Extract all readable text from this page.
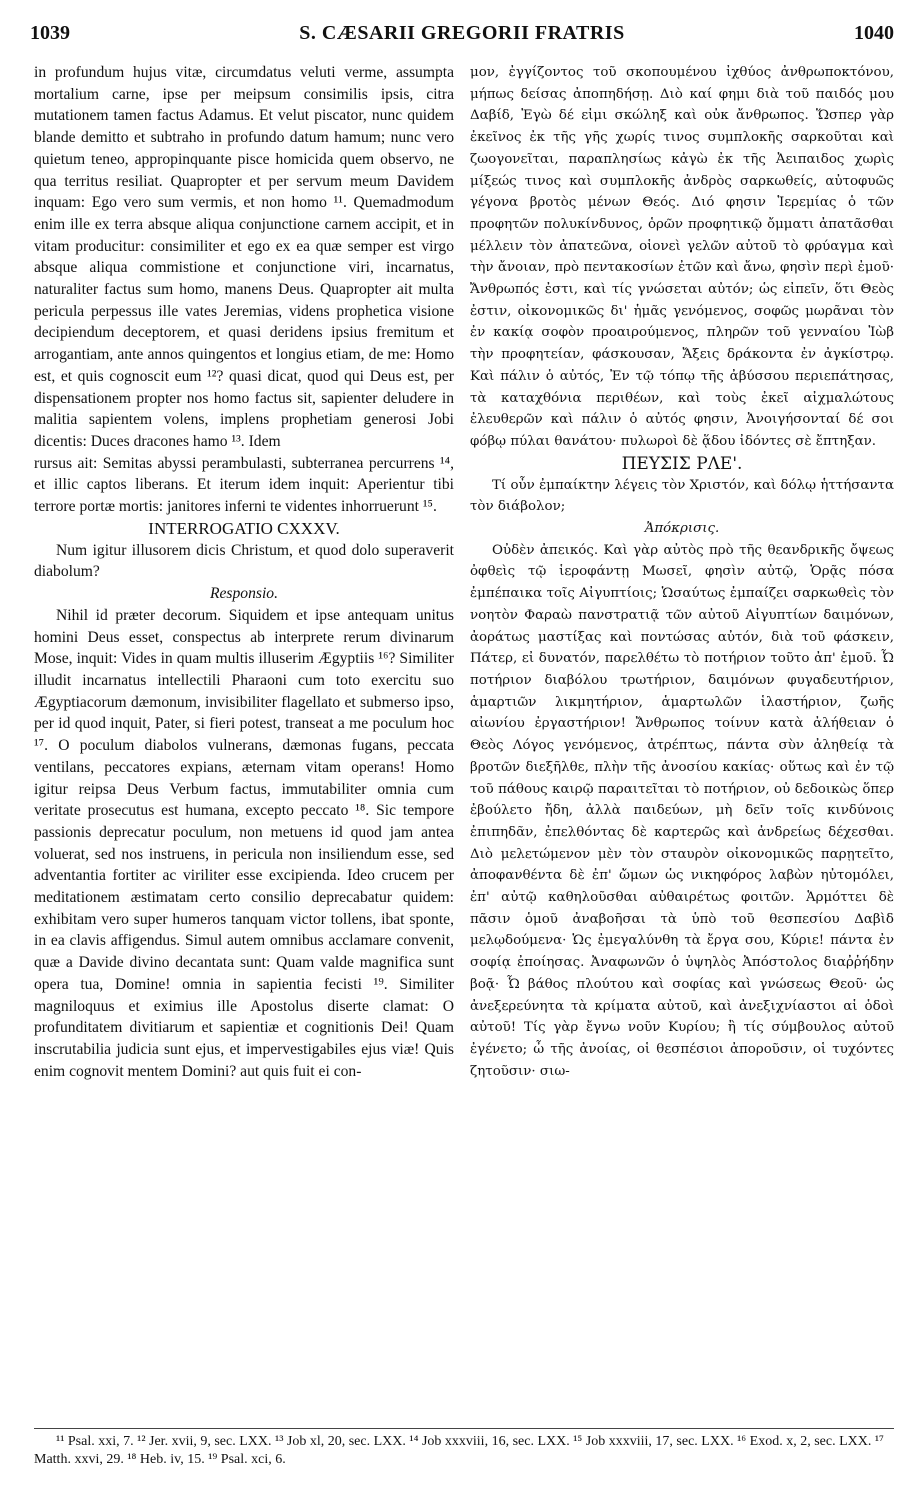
1039	S. CÆSARII GREGORII FRATRIS	1040

in profundum hujus vitæ, circumdatus veluti verme, assumpta mortalium carne, ipse per meipsum consimilis ipsis, citra mutationem tamen factus Adamus. Et velut piscator, nunc quidem blande demitto et subtraho in profundo datum hamum; nunc vero quietum teneo, appropinquante pisce homicida quem observo, ne qua territus resiliat. Quapropter et per servum meum Davidem inquam: Ego vero sum vermis, et non homo ¹¹. Quemadmodum enim ille ex terra absque aliqua conjunctione carnem accipit, et in vitam producitur: consimiliter et ego ex ea quæ semper est virgo absque aliqua commistione et conjunctione viri, incarnatus, naturaliter factus sum homo, manens Deus. Quapropter ait multa pericula perpessus ille vates Jeremias, videns prophetica visione decipiendum deceptorem, et quasi deridens ipsius fremitum et arrogantiam, ante annos quingentos et longius etiam, de me: Homo est, et quis cognoscit eum ¹²? quasi dicat, quod qui Deus est, per dispensationem propter nos homo factus sit, sapienter deludere in malitia sapientem volens, implens prophetiam generosi Jobi dicentis: Duces dracones hamo ¹³. Idem

rursus ait: Semitas abyssi perambulasti, subterranea percurrens ¹⁴, et illic captos liberans. Et iterum idem inquit: Aperientur tibi terrore portæ mortis: janitores inferni te videntes inhorruerunt ¹⁵.

INTERROGATIO CXXXV.

Num igitur illusorem dicis Christum, et quod dolo superaverit diabolum?

Responsio.

Nihil id præter decorum. Siquidem et ipse antequam unitus homini Deus esset, conspectus ab interprete rerum divinarum Mose, inquit: Vides in quam multis illuserim Ægyptiis ¹⁶? Similiter illudit incarnatus intellectili Pharaoni cum toto exercitu suo Ægyptiacorum dæmonum, invisibiliter flagellato et submerso ipso, per id quod inquit, Pater, si fieri potest, transeat a me poculum hoc ¹⁷. O poculum diabolos vulnerans, dæmonas fugans, peccata ventilans, peccatores expians, æternam vitam operans! Homo igitur reipsa Deus Verbum factus, immutabiliter omnia cum veritate prosecutus est humana, excepto peccato ¹⁸. Sic tempore passionis deprecatur poculum, non metuens id quod jam antea voluerat, sed nos instruens, in pericula non insiliendum esse, sed adventantia fortiter ac viriliter esse excipienda. Ideo crucem per meditationem æstimatam certo consilio deprecabatur quidem: exhibitam vero super humeros tanquam victor tollens, ibat sponte, in ea clavis affigendus. Simul autem omnibus acclamare convenit, quæ a Davide divino decantata sunt: Quam valde magnifica sunt opera tua, Domine! omnia in sapientia fecisti ¹⁹. Similiter magniloquus et eximius ille Apostolus diserte clamat: O profunditatem divitiarum et sapientiæ et cognitionis Dei! Quam inscrutabilia judicia sunt ejus, et impervestigabiles ejus viæ! Quis enim cognovit mentem Domini? aut quis fuit ei con-

μον, ἐγγίζοντος τοῦ σκοπουμένου ἰχθύος ἀνθρωποκτόνου, μήπως δείσας ἀποπηδήσῃ. Διὸ καί φημι διὰ τοῦ παιδός μου Δαβίδ, Ἐγὼ δέ εἰμι σκώληξ καὶ οὐκ ἄνθρωπος. Ὥσπερ γὰρ ἐκεῖνος ἐκ τῆς γῆς χωρίς τινος συμπλοκῆς σαρκοῦται καὶ ζωογονεῖται, παραπλησίως κἀγὼ ἐκ τῆς Ἀειπαιδος χωρὶς μίξεώς τινος καὶ συμπλοκῆς ἀνδρὸς σαρκωθείς, αὐτοφυῶς γέγονα βροτὸς μένων Θεός. Διό φησιν Ἱερεμίας ὁ τῶν προφητῶν πολυκίνδυνος, ὁρῶν προφητικῷ ὄμματι ἀπατᾶσθαι μέλλειν τὸν ἀπατεῶνα, οἱονεὶ γελῶν αὐτοῦ τὸ φρύαγμα καὶ τὴν ἄνοιαν, πρὸ πεντακοσίων ἐτῶν καὶ ἄνω, φησὶν περὶ ἐμοῦ· Ἄνθρωπός ἐστι, καὶ τίς γνώσεται αὐτόν; ὡς εἰπεῖν, ὅτι Θεὸς ἐστιν, οἰκονομικῶς δι' ἡμᾶς γενόμενος, σοφῶς μωρᾶναι τὸν ἐν κακίᾳ σοφὸν προαιρούμενος, πληρῶν τοῦ γενναίου Ἰὼβ τὴν προφητείαν, φάσκουσαν, Ἄξεις δράκοντα ἐν ἀγκίστρῳ. Καὶ πάλιν ὁ αὐτός, Ἐν τῷ τόπῳ τῆς ἀβύσσου περιεπάτησας, τὰ καταχθόνια περιθέων, καὶ τοὺς ἐκεῖ αἰχμαλώτους ἐλευθερῶν καὶ πάλιν ὁ αὐτός φησιν, Ἀνοιγήσονταί δέ σοι φόβῳ πύλαι θανάτου· πυλωροὶ δὲ ᾅδου ἰδόντες σὲ ἔπτηξαν.

ΠΕΥΣΙΣ ΡΛΕ'.

Τί οὖν ἐμπαίκτην λέγεις τὸν Χριστόν, καὶ δόλῳ ἡττήσαντα τὸν διάβολον;

Ἀπόκρισις.

Οὐδὲν ἀπεικός. Καὶ γὰρ αὐτὸς πρὸ τῆς θεανδρικῆς ὄψεως ὀφθεὶς τῷ ἱεροφάντῃ Μωσεῖ, φησὶν αὐτῷ, Ὁρᾷς πόσα ἐμπέπαικα τοῖς Αἰγυπτίοις; Ὡσαύτως ἐμπαίζει σαρκωθεὶς τὸν νοητὸν Φαραὼ πανστρατιᾷ τῶν αὐτοῦ Αἰγυπτίων δαιμόνων, ἀοράτως μαστίξας καὶ ποντώσας αὐτόν, διὰ τοῦ φάσκειν, Πάτερ, εἰ δυνατόν, παρελθέτω τὸ ποτήριον τοῦτο ἀπ' ἐμοῦ. Ὦ ποτήριον διαβόλου τρωτήριον, δαιμόνων φυγαδευτήριον, ἁμαρτιῶν λικμητήριον, ἁμαρτωλῶν ἱλαστήριον, ζωῆς αἰωνίου ἐργαστήριον! Ἄνθρωπος τοίνυν κατὰ ἀλήθειαν ὁ Θεὸς Λόγος γενόμενος, ἀτρέπτως, πάντα σὺν ἀληθείᾳ τὰ βροτῶν διεξῆλθε, πλὴν τῆς ἀνοσίου κακίας· οὕτως καὶ ἐν τῷ τοῦ πάθους καιρῷ παραιτεῖται τὸ ποτήριον, οὐ δεδοικὼς ὅπερ ἐβούλετο ἤδη, ἀλλὰ παιδεύων, μὴ δεῖν τοῖς κινδύνοις ἐπιπηδᾶν, ἐπελθόντας δὲ καρτερῶς καὶ ἀνδρείως δέχεσθαι. Διὸ μελετώμενον μὲν τὸν σταυρὸν οἰκονομικῶς παρῃτεῖτο, ἀποφανθέντα δὲ ἐπ' ὤμων ὡς νικηφόρος λαβὼν ηὐτομόλει, ἐπ' αὐτῷ καθηλοῦσθαι αὐθαιρέτως φοιτῶν. Ἁρμόττει δὲ πᾶσιν ὁμοῦ ἀναβοῆσαι τὰ ὑπὸ τοῦ θεσπεσίου Δαβὶδ μελῳδούμενα· Ὡς ἐμεγαλύνθη τὰ ἔργα σου, Κύριε! πάντα ἐν σοφίᾳ ἐποίησας. Ἀναφωνῶν ὁ ὑψηλὸς Ἀπόστολος διαῤῥήδην βοᾷ· Ὦ βάθος πλούτου καὶ σοφίας καὶ γνώσεως Θεοῦ· ὡς ἀνεξερεύνητα τὰ κρίματα αὐτοῦ, καὶ ἀνεξιχνίαστοι αἱ ὁδοὶ αὐτοῦ! Τίς γὰρ ἔγνω νοῦν Κυρίου; ἢ τίς σύμβουλος αὐτοῦ ἐγένετο; ὦ τῆς ἀνοίας, οἱ θεσπέσιοι ἀποροῦσιν, οἱ τυχόντες ζητοῦσιν· σιω-

¹¹ Psal. xxi, 7. ¹² Jer. xvii, 9, sec. LXX. ¹³ Job xl, 20, sec. LXX. ¹⁴ Job xxxviii, 16, sec. LXX. ¹⁵ Job xxxviii, 17, sec. LXX. ¹⁶ Exod. x, 2, sec. LXX. ¹⁷ Matth. xxvi, 29. ¹⁸ Heb. iv, 15. ¹⁹ Psal. xci, 6.
